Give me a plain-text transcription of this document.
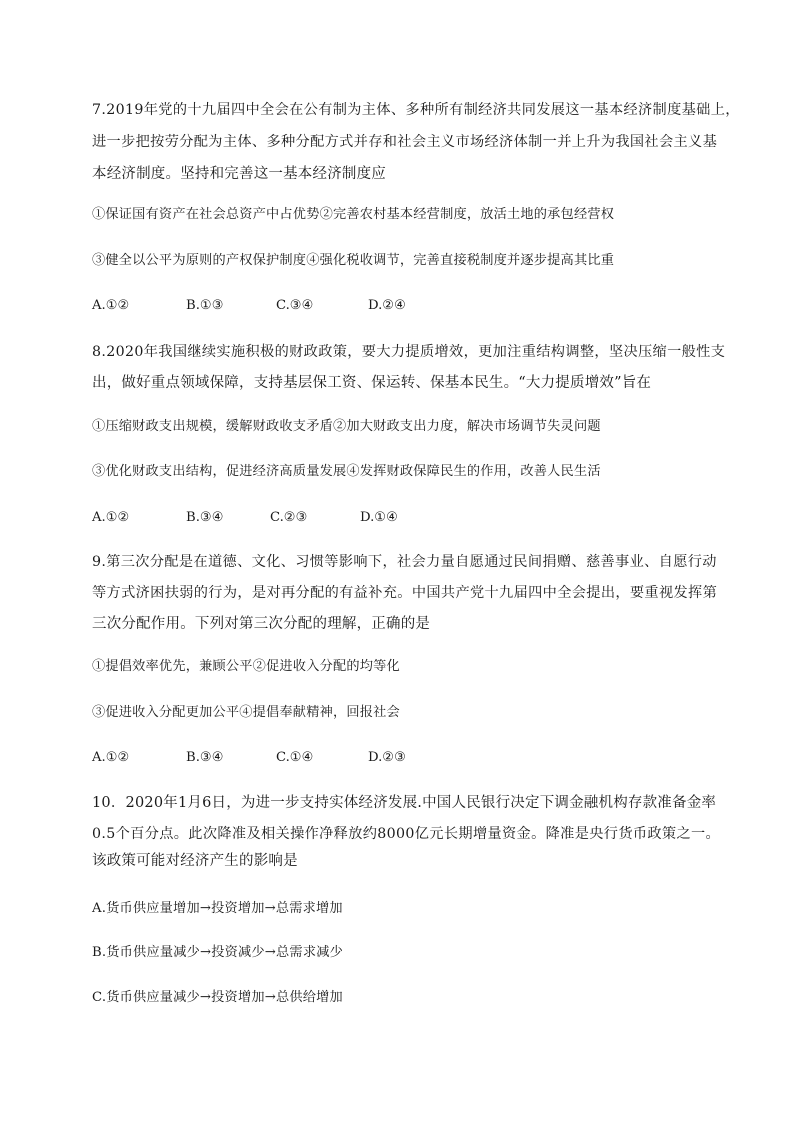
7.2019年党的十九届四中全会在公有制为主体、多种所有制经济共同发展这一基本经济制度基础上，
进一步把按劳分配为主体、多种分配方式并存和社会主义市场经济体制一并上升为我国社会主义基
本经济制度。坚持和完善这一基本经济制度应
①保证国有资产在社会总资产中占优势②完善农村基本经营制度，放活土地的承包经营权
③健全以公平为原则的产权保护制度④强化税收调节，完善直接税制度并逐步提高其比重
A.①②	B.①③	C.③④	D.②④
8.2020年我国继续实施积极的财政政策，要大力提质增效，更加注重结构调整，坚决压缩一般性支
出，做好重点领域保障，支持基层保工资、保运转、保基本民生。“大力提质增效”旨在
①压缩财政支出规模，缓解财政收支矛盾②加大财政支出力度，解决市场调节失灵问题
③优化财政支出结构，促进经济高质量发展④发挥财政保障民生的作用，改善人民生活
A.①②	B.③④	C.②③	D.①④
9.第三次分配是在道德、文化、习惯等影响下，社会力量自愿通过民间捐赠、慈善事业、自愿行动
等方式济困扶弱的行为，是对再分配的有益补充。中国共产党十九届四中全会提出，要重视发挥第
三次分配作用。下列对第三次分配的理解，正确的是
①提倡效率优先，兼顾公平②促进收入分配的均等化
③促进收入分配更加公平④提倡奉献精神，回报社会
A.①②	B.③④	C.①④	D.②③
10．2020年1月6日，为进一步支持实体经济发展.中国人民银行决定下调金融机构存款准备金率
0.5个百分点。此次降准及相关操作净释放约8000亿元长期增量资金。降准是央行货币政策之一。
该政策可能对经济产生的影响是
A.货币供应量增加→投资增加→总需求增加
B.货币供应量减少→投资减少→总需求减少
C.货币供应量减少→投资增加→总供给增加
